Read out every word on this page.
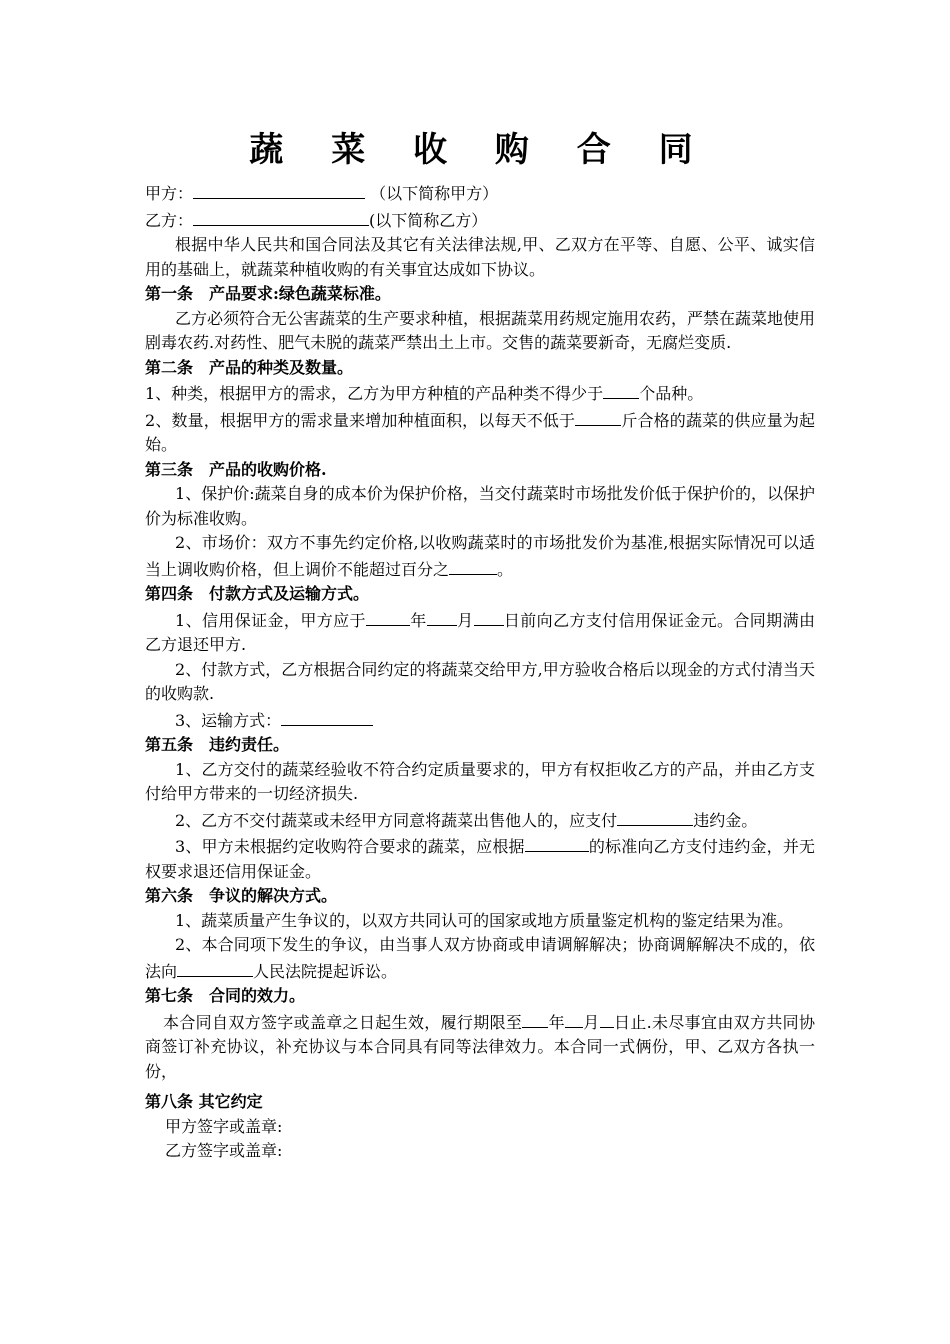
蔬 菜 收 购 合 同

甲方：	（以下简称甲方）

乙方：	(以下简称乙方）

根据中华人民共和国合同法及其它有关法律法规,甲、乙双方在平等、自愿、公平、诚实信用的基础上，就蔬菜种植收购的有关事宜达成如下协议。

第一条　产品要求:绿色蔬菜标准。

乙方必须符合无公害蔬菜的生产要求种植，根据蔬菜用药规定施用农药，严禁在蔬菜地使用剧毒农药.对药性、肥气未脱的蔬菜严禁出土上市。交售的蔬菜要新奇，无腐烂变质.

第二条　产品的种类及数量。

1、种类，根据甲方的需求，乙方为甲方种植的产品种类不得少于 个品种。

2、数量，根据甲方的需求量来增加种植面积，以每天不低于	斤合格的蔬菜的供应量为起始。

第三条　产品的收购价格.

1、保护价:蔬菜自身的成本价为保护价格，当交付蔬菜时市场批发价低于保护价的，以保护价为标准收购。

2、市场价：双方不事先约定价格,以收购蔬菜时的市场批发价为基准,根据实际情况可以适当上调收购价格，但上调价不能超过百分之	。

第四条　付款方式及运输方式。

1、信用保证金，甲方应于	年 月 日前向乙方支付信用保证金元。合同期满由乙方退还甲方.

2、付款方式，乙方根据合同约定的将蔬菜交给甲方,甲方验收合格后以现金的方式付清当天的收购款.

3、运输方式：

第五条　违约责任。

1、乙方交付的蔬菜经验收不符合约定质量要求的，甲方有权拒收乙方的产品，并由乙方支付给甲方带来的一切经济损失.

2、乙方不交付蔬菜或未经甲方同意将蔬菜出售他人的，应支付	违约金。

3、甲方未根据约定收购符合要求的蔬菜，应根据	的标准向乙方支付违约金，并无权要求退还信用保证金。

第六条　争议的解决方式。

1、蔬菜质量产生争议的，以双方共同认可的国家或地方质量鉴定机构的鉴定结果为准。

2、本合同项下发生的争议，由当事人双方协商或申请调解解决；协商调解解决不成的，依法向	人民法院提起诉讼。

第七条　合同的效力。

本合同自双方签字或盖章之日起生效，履行期限至 年 月 日止.未尽事宜由双方共同协商签订补充协议，补充协议与本合同具有同等法律效力。本合同一式俩份，甲、乙双方各执一份，

第八条 其它约定

甲方签字或盖章:

乙方签字或盖章:
